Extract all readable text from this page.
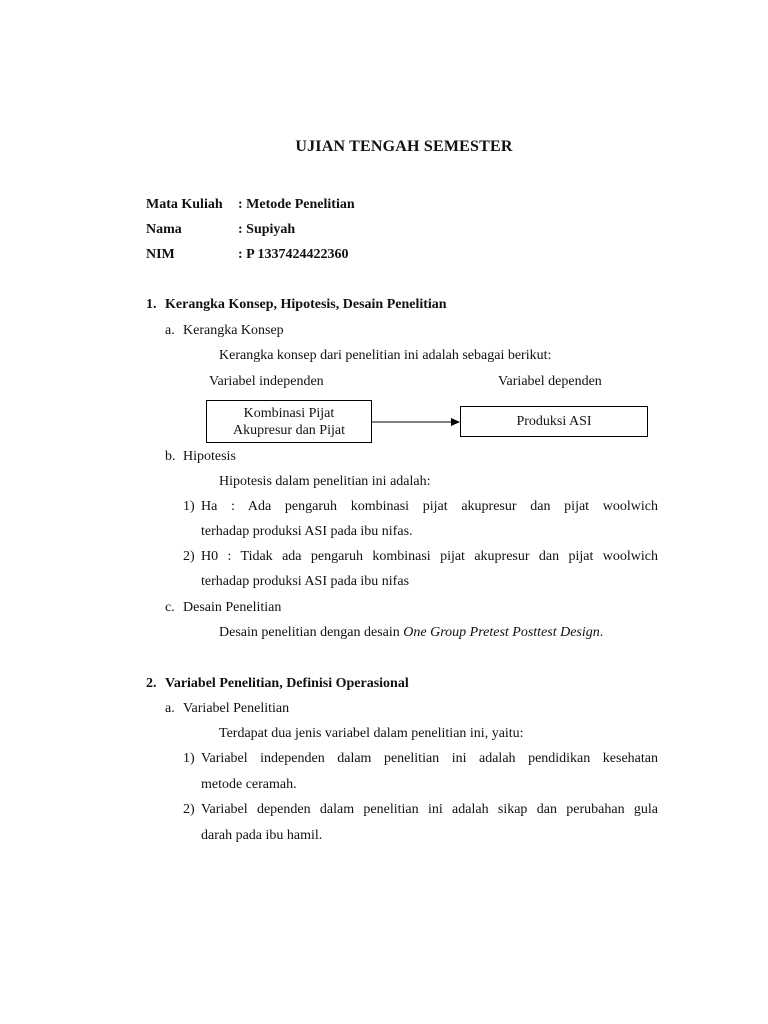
UJIAN TENGAH SEMESTER
Mata Kuliah : Metode Penelitian
Nama	: Supiyah
NIM	: P 1337424422360
1. Kerangka Konsep, Hipotesis, Desain Penelitian
a. Kerangka Konsep
Kerangka konsep dari penelitian ini adalah sebagai berikut:
Variabel independen	Variabel dependen
Kombinasi Pijat
Akupresur dan Pijat
Produksi ASI
b. Hipotesis
Hipotesis dalam penelitian ini adalah:
1) Ha : Ada pengaruh kombinasi pijat akupresur dan pijat woolwich
terhadap produksi ASI pada ibu nifas.
2) H0 : Tidak ada pengaruh kombinasi pijat akupresur dan pijat woolwich
terhadap produksi ASI pada ibu nifas
c. Desain Penelitian
Desain penelitian dengan desain One Group Pretest Posttest Design.
2. Variabel Penelitian, Definisi Operasional
a. Variabel Penelitian
Terdapat dua jenis variabel dalam penelitian ini, yaitu:
1) Variabel independen dalam penelitian ini adalah pendidikan kesehatan
metode ceramah.
2) Variabel dependen dalam penelitian ini adalah sikap dan perubahan gula
darah pada ibu hamil.
